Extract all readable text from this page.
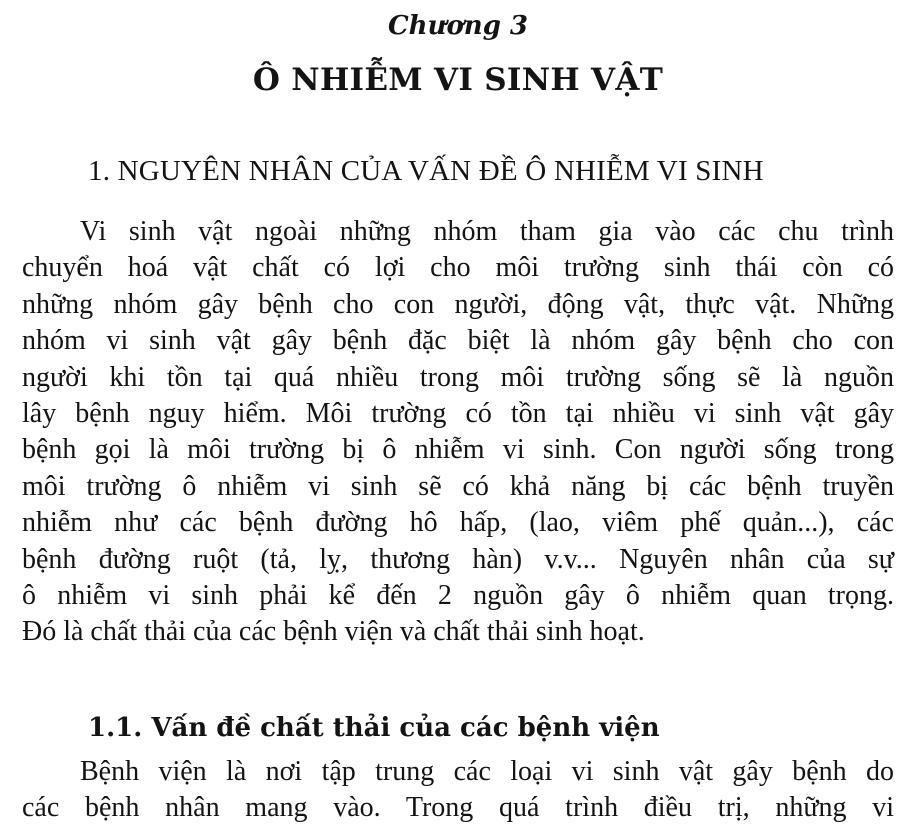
Chương 3
Ô NHIỄM VI SINH VẬT
1. NGUYÊN NHÂN CỦA VẤN ĐỀ Ô NHIỄM VI SINH
Vi sinh vật ngoài những nhóm tham gia vào các chu trình
chuyển hoá vật chất có lợi cho môi trường sinh thái còn có
những nhóm gây bệnh cho con người, động vật, thực vật. Những
nhóm vi sinh vật gây bệnh đặc biệt là nhóm gây bệnh cho con
người khi tồn tại quá nhiều trong môi trường sống sẽ là nguồn
lây bệnh nguy hiểm. Môi trường có tồn tại nhiều vi sinh vật gây
bệnh gọi là môi trường bị ô nhiễm vi sinh. Con người sống trong
môi trường ô nhiễm vi sinh sẽ có khả năng bị các bệnh truyền
nhiễm như các bệnh đường hô hấp, (lao, viêm phế quản...), các
bệnh đường ruột (tả, lỵ, thương hàn) v.v... Nguyên nhân của sự
ô nhiễm vi sinh phải kể đến 2 nguồn gây ô nhiễm quan trọng.
Đó là chất thải của các bệnh viện và chất thải sinh hoạt.
1.1. Vấn đề chất thải của các bệnh viện
Bệnh viện là nơi tập trung các loại vi sinh vật gây bệnh do
các bệnh nhân mang vào. Trong quá trình điều trị, những vi
